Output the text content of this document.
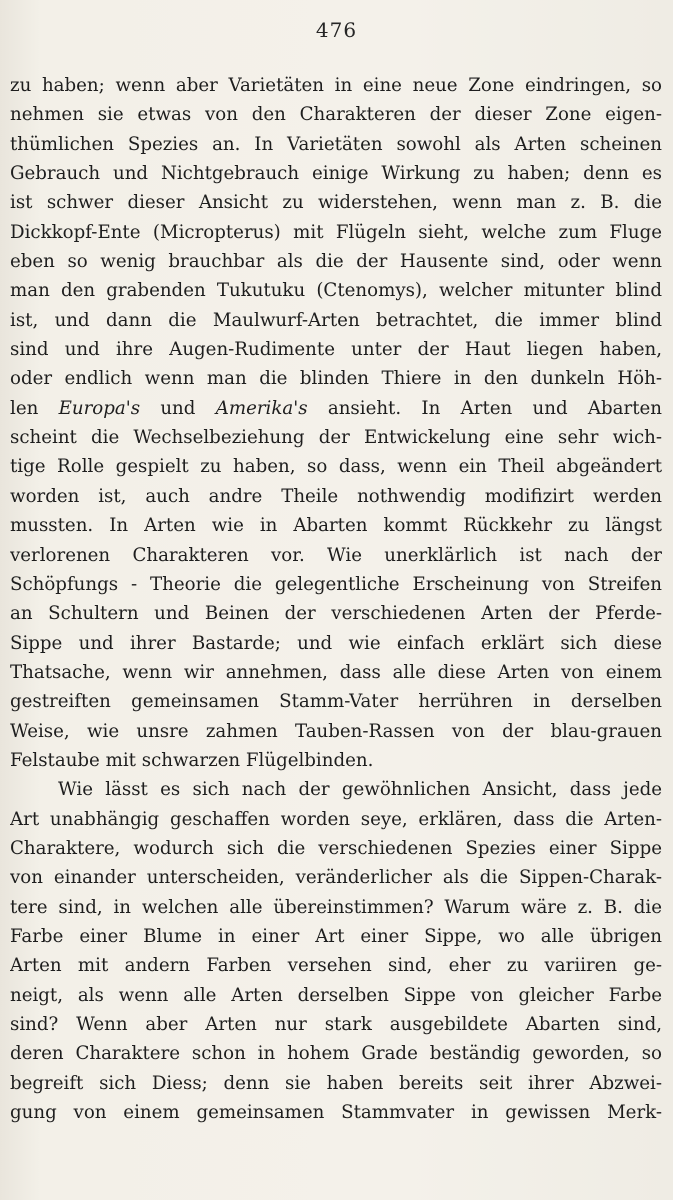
476
zu haben; wenn aber Varietäten in eine neue Zone eindringen, so
nehmen sie etwas von den Charakteren der dieser Zone eigen-
thümlichen Spezies an. In Varietäten sowohl als Arten scheinen
Gebrauch und Nichtgebrauch einige Wirkung zu haben; denn es
ist schwer dieser Ansicht zu widerstehen, wenn man z. B. die
Dickkopf-Ente (Micropterus) mit Flügeln sieht, welche zum Fluge
eben so wenig brauchbar als die der Hausente sind, oder wenn
man den grabenden Tukutuku (Ctenomys), welcher mitunter blind
ist, und dann die Maulwurf-Arten betrachtet, die immer blind
sind und ihre Augen-Rudimente unter der Haut liegen haben,
oder endlich wenn man die blinden Thiere in den dunkeln Höh-
len Europa's und Amerika's ansieht. In Arten und Abarten
scheint die Wechselbeziehung der Entwickelung eine sehr wich-
tige Rolle gespielt zu haben, so dass, wenn ein Theil abgeändert
worden ist, auch andre Theile nothwendig modifizirt werden
mussten. In Arten wie in Abarten kommt Rückkehr zu längst
verlorenen Charakteren vor. Wie unerklärlich ist nach der
Schöpfungs - Theorie die gelegentliche Erscheinung von Streifen
an Schultern und Beinen der verschiedenen Arten der Pferde-
Sippe und ihrer Bastarde; und wie einfach erklärt sich diese
Thatsache, wenn wir annehmen, dass alle diese Arten von einem
gestreiften gemeinsamen Stamm-Vater herrühren in derselben
Weise, wie unsre zahmen Tauben-Rassen von der blau-grauen
Felstaube mit schwarzen Flügelbinden.
Wie lässt es sich nach der gewöhnlichen Ansicht, dass jede
Art unabhängig geschaffen worden seye, erklären, dass die Arten-
Charaktere, wodurch sich die verschiedenen Spezies einer Sippe
von einander unterscheiden, veränderlicher als die Sippen-Charak-
tere sind, in welchen alle übereinstimmen? Warum wäre z. B. die
Farbe einer Blume in einer Art einer Sippe, wo alle übrigen
Arten mit andern Farben versehen sind, eher zu variiren ge-
neigt, als wenn alle Arten derselben Sippe von gleicher Farbe
sind? Wenn aber Arten nur stark ausgebildete Abarten sind,
deren Charaktere schon in hohem Grade beständig geworden, so
begreift sich Diess; denn sie haben bereits seit ihrer Abzwei-
gung von einem gemeinsamen Stammvater in gewissen Merk-
